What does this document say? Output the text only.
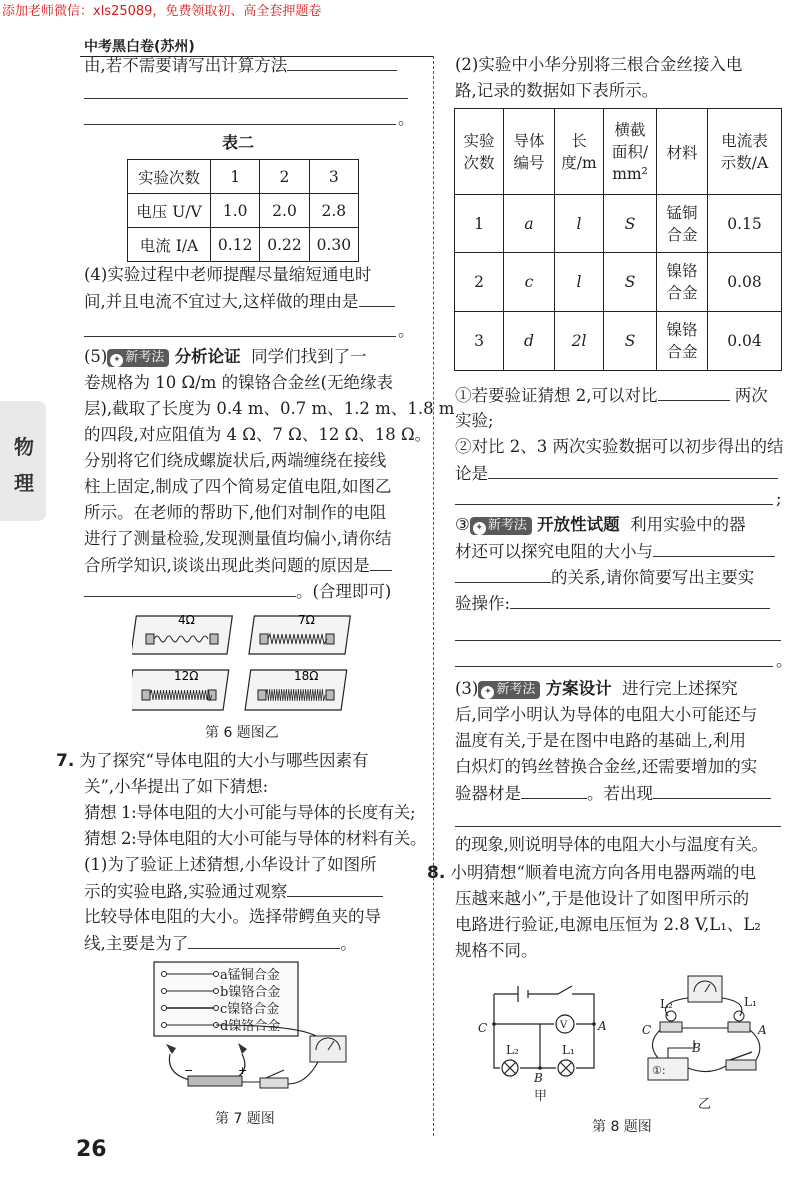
添加老师微信：xls25089，免费领取初、高全套押题卷
中考黑白卷(苏州)
物
理
由,若不需要请写出计算方法
。
表二
实验次数	1	2	3
电压 U/V	1.0	2.0	2.8
电流 I/A	0.12	0.22	0.30
(4)实验过程中老师提醒尽量缩短通电时
间,并且电流不宜过大,这样做的理由是
。
(5) ✦ 新考法 分析论证 同学们找到了一
卷规格为 10 Ω/m 的镍铬合金丝(无绝缘表
层),截取了长度为 0.4 m、0.7 m、1.2 m、1.8 m
的四段,对应阻值为 4 Ω、7 Ω、12 Ω、18 Ω。
分别将它们绕成螺旋状后,两端缠绕在接线
柱上固定,制成了四个简易定值电阻,如图乙
所示。在老师的帮助下,他们对制作的电阻
进行了测量检验,发现测量值均偏小,请你结
合所学知识,谈谈出现此类问题的原因是
。(合理即可)
4Ω	7Ω
12Ω	18Ω
第 6 题图乙
7. 为了探究“导体电阻的大小与哪些因素有
关”,小华提出了如下猜想:
猜想 1:导体电阻的大小可能与导体的长度有关;
猜想 2:导体电阻的大小可能与导体的材料有关。
(1)为了验证上述猜想,小华设计了如图所
示的实验电路,实验通过观察
比较导体电阻的大小。选择带鳄鱼夹的导
线,主要是为了	。
a锰铜合金
b镍铬合金
c镍铬合金
d镍铬合金
−	+
第 7 题图
(2)实验中小华分别将三根合金丝接入电
路,记录的数据如下表所示。
实验次数	导体编号	长度/m	横截面积/mm²	材料	电流表示数/A
1	a	l	S	锰铜合金	0.15
2	c	l	S	镍铬合金	0.08
3	d	2l	S	镍铬合金	0.04
①若要验证猜想 2,可以对比	两次
实验;
②对比 2、3 两次实验数据可以初步得出的结
论是
;
③ ✦ 新考法 开放性试题 利用实验中的器
材还可以探究电阻的大小与
的关系,请你简要写出主要实
验操作:
。
(3) ✦ 新考法 方案设计 进行完上述探究
后,同学小明认为导体的电阻大小可能还与
温度有关,于是在图中电路的基础上,利用
白炽灯的钨丝替换合金丝,还需要增加的实
验器材是	。若出现
的现象,则说明导体的电阻大小与温度有关。
8. 小明猜想“顺着电流方向各用电器两端的电
压越来越小”,于是他设计了如图甲所示的
电路进行验证,电源电压恒为 2.8 V,L₁、L₂
规格不同。
V
C	A
B
L₂	L₁
甲
①:
C	A
B
L₂	L₁
乙
第 8 题图
26
